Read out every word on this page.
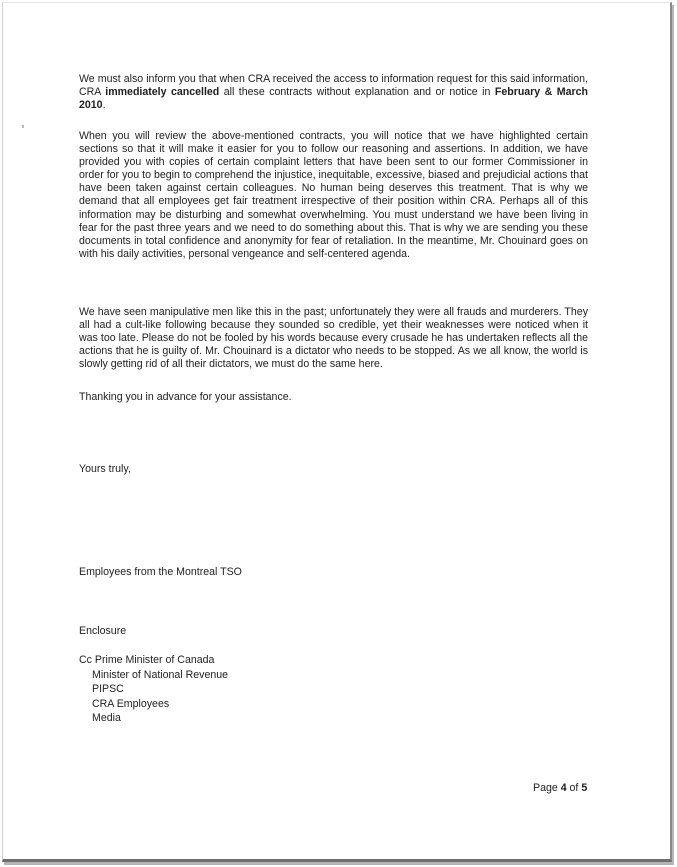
We must also inform you that when CRA received the access to information request for this said information, CRA immediately cancelled all these contracts without explanation and or notice in February & March 2010.

When you will review the above-mentioned contracts, you will notice that we have highlighted certain sections so that it will make it easier for you to follow our reasoning and assertions. In addition, we have provided you with copies of certain complaint letters that have been sent to our former Commissioner in order for you to begin to comprehend the injustice, inequitable, excessive, biased and prejudicial actions that have been taken against certain colleagues. No human being deserves this treatment. That is why we demand that all employees get fair treatment irrespective of their position within CRA. Perhaps all of this information may be disturbing and somewhat overwhelming. You must understand we have been living in fear for the past three years and we need to do something about this. That is why we are sending you these documents in total confidence and anonymity for fear of retaliation. In the meantime, Mr. Chouinard goes on with his daily activities, personal vengeance and self-centered agenda.

We have seen manipulative men like this in the past; unfortunately they were all frauds and murderers. They all had a cult-like following because they sounded so credible, yet their weaknesses were noticed when it was too late. Please do not be fooled by his words because every crusade he has undertaken reflects all the actions that he is guilty of. Mr. Chouinard is a dictator who needs to be stopped. As we all know, the world is slowly getting rid of all their dictators, we must do the same here.

Thanking you in advance for your assistance.

Yours truly,
Employees from the Montreal TSO
Enclosure
Cc Prime Minister of Canada
Minister of National Revenue
PIPSC
CRA Employees
Media
Page 4 of 5
